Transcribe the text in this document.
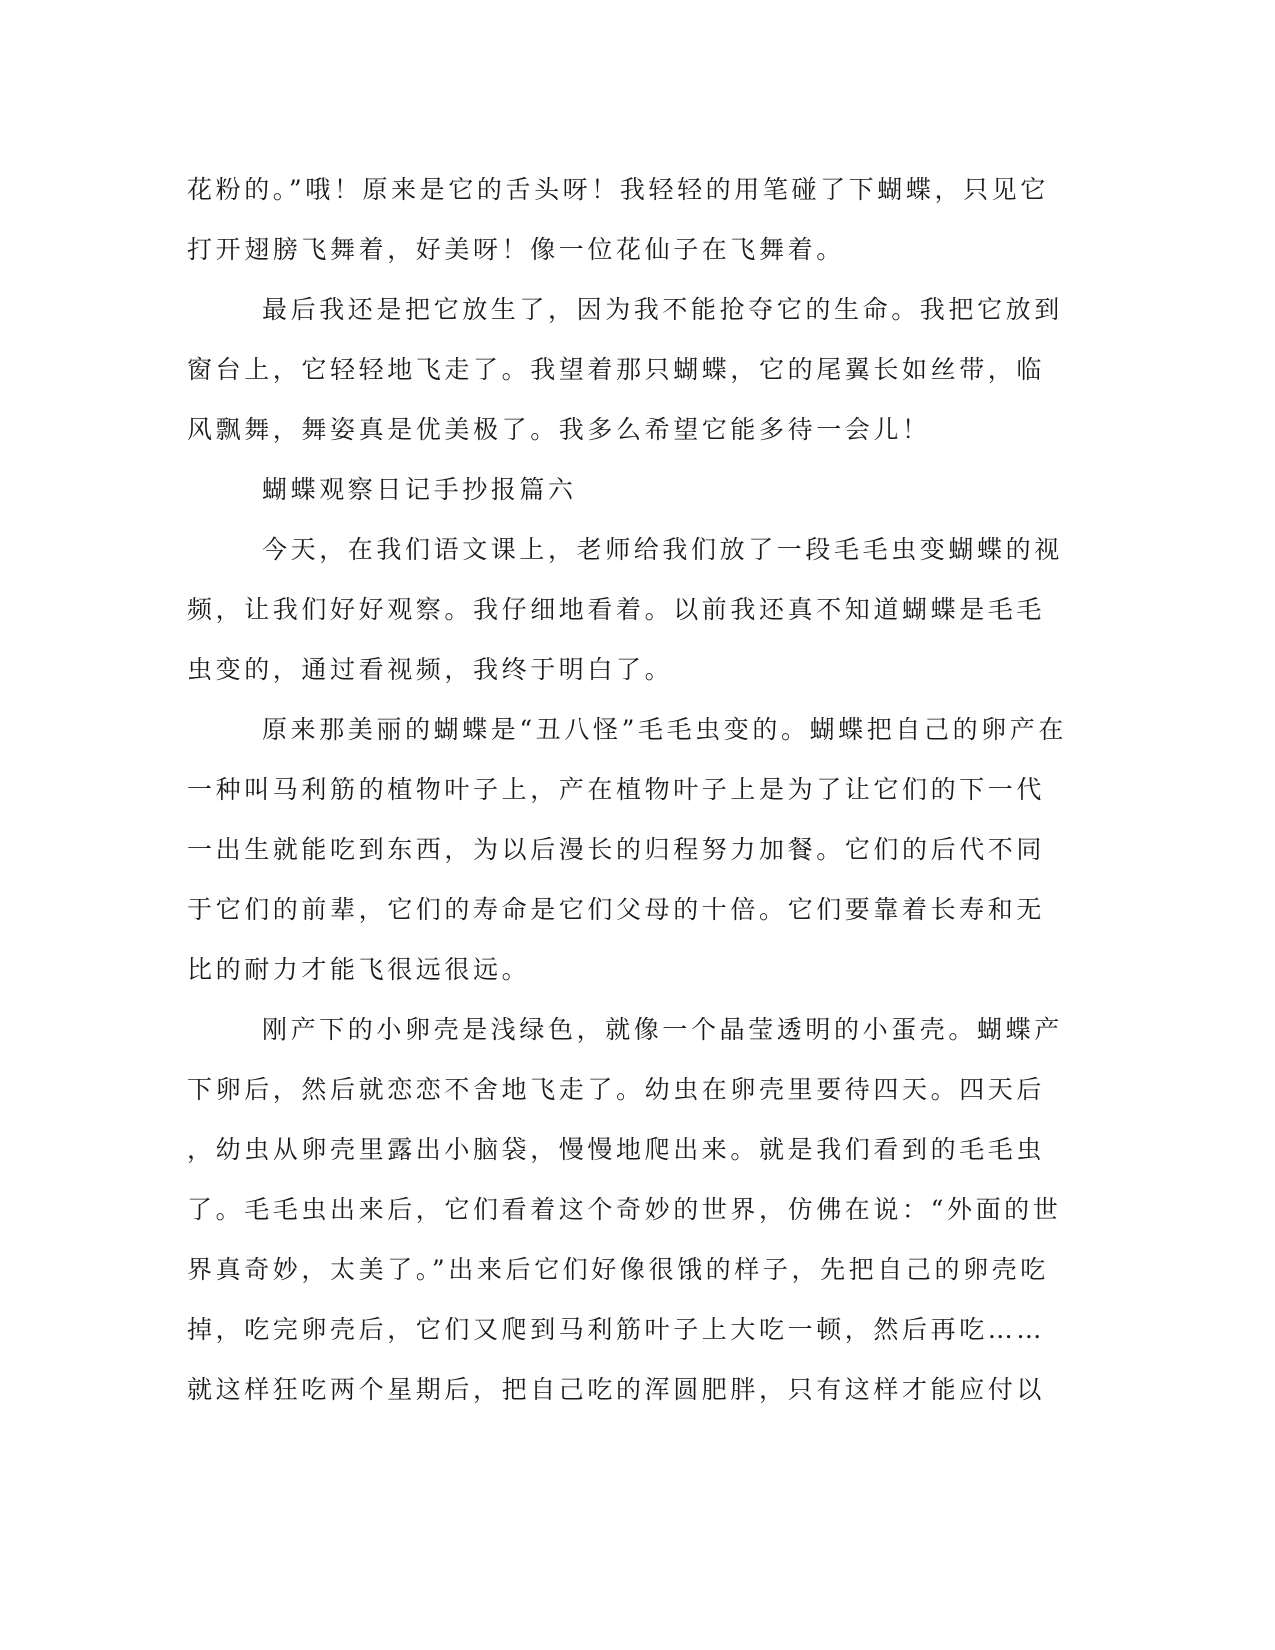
花粉的。”哦！原来是它的舌头呀！我轻轻的用笔碰了下蝴蝶，只见它
打开翅膀飞舞着，好美呀！像一位花仙子在飞舞着。
最后我还是把它放生了，因为我不能抢夺它的生命。我把它放到
窗台上，它轻轻地飞走了。我望着那只蝴蝶，它的尾翼长如丝带，临
风飘舞，舞姿真是优美极了。我多么希望它能多待一会儿！
蝴蝶观察日记手抄报篇六
今天，在我们语文课上，老师给我们放了一段毛毛虫变蝴蝶的视
频，让我们好好观察。我仔细地看着。以前我还真不知道蝴蝶是毛毛
虫变的，通过看视频，我终于明白了。
原来那美丽的蝴蝶是“丑八怪”毛毛虫变的。蝴蝶把自己的卵产在
一种叫马利筋的植物叶子上，产在植物叶子上是为了让它们的下一代
一出生就能吃到东西，为以后漫长的归程努力加餐。它们的后代不同
于它们的前辈，它们的寿命是它们父母的十倍。它们要靠着长寿和无
比的耐力才能飞很远很远。
刚产下的小卵壳是浅绿色，就像一个晶莹透明的小蛋壳。蝴蝶产
下卵后，然后就恋恋不舍地飞走了。幼虫在卵壳里要待四天。四天后
，幼虫从卵壳里露出小脑袋，慢慢地爬出来。就是我们看到的毛毛虫
了。毛毛虫出来后，它们看着这个奇妙的世界，仿佛在说：“外面的世
界真奇妙，太美了。”出来后它们好像很饿的样子，先把自己的卵壳吃
掉，吃完卵壳后，它们又爬到马利筋叶子上大吃一顿，然后再吃……
就这样狂吃两个星期后，把自己吃的浑圆肥胖，只有这样才能应付以
